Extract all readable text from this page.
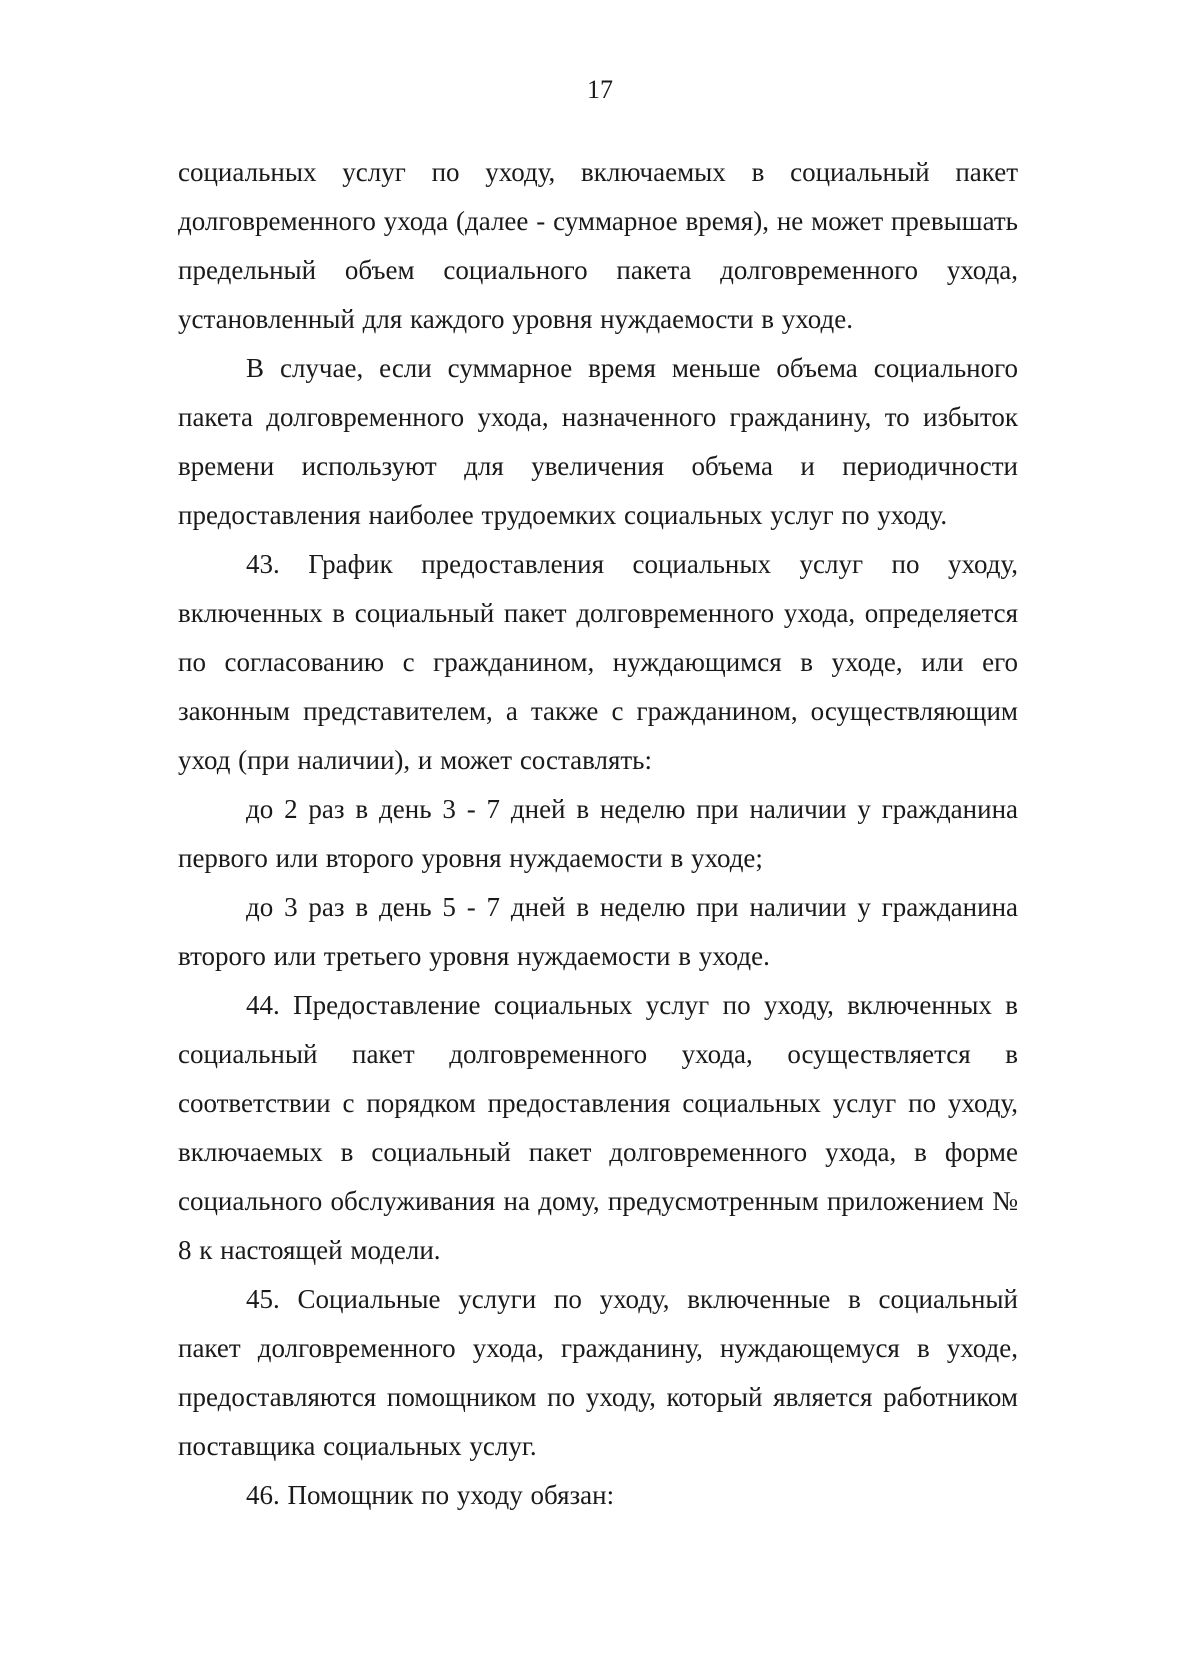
17

социальных услуг по уходу, включаемых в социальный пакет долговременного ухода (далее - суммарное время), не может превышать предельный объем социального пакета долговременного ухода, установленный для каждого уровня нуждаемости в уходе.

В случае, если суммарное время меньше объема социального пакета долговременного ухода, назначенного гражданину, то избыток времени используют для увеличения объема и периодичности предоставления наиболее трудоемких социальных услуг по уходу.

43. График предоставления социальных услуг по уходу, включенных в социальный пакет долговременного ухода, определяется по согласованию с гражданином, нуждающимся в уходе, или его законным представителем, а также с гражданином, осуществляющим уход (при наличии), и может составлять:

до 2 раз в день 3 - 7 дней в неделю при наличии у гражданина первого или второго уровня нуждаемости в уходе;

до 3 раз в день 5 - 7 дней в неделю при наличии у гражданина второго или третьего уровня нуждаемости в уходе.

44. Предоставление социальных услуг по уходу, включенных в социальный пакет долговременного ухода, осуществляется в соответствии с порядком предоставления социальных услуг по уходу, включаемых в социальный пакет долговременного ухода, в форме социального обслуживания на дому, предусмотренным приложением № 8 к настоящей модели.

45. Социальные услуги по уходу, включенные в социальный пакет долговременного ухода, гражданину, нуждающемуся в уходе, предоставляются помощником по уходу, который является работником поставщика социальных услуг.

46. Помощник по уходу обязан:
